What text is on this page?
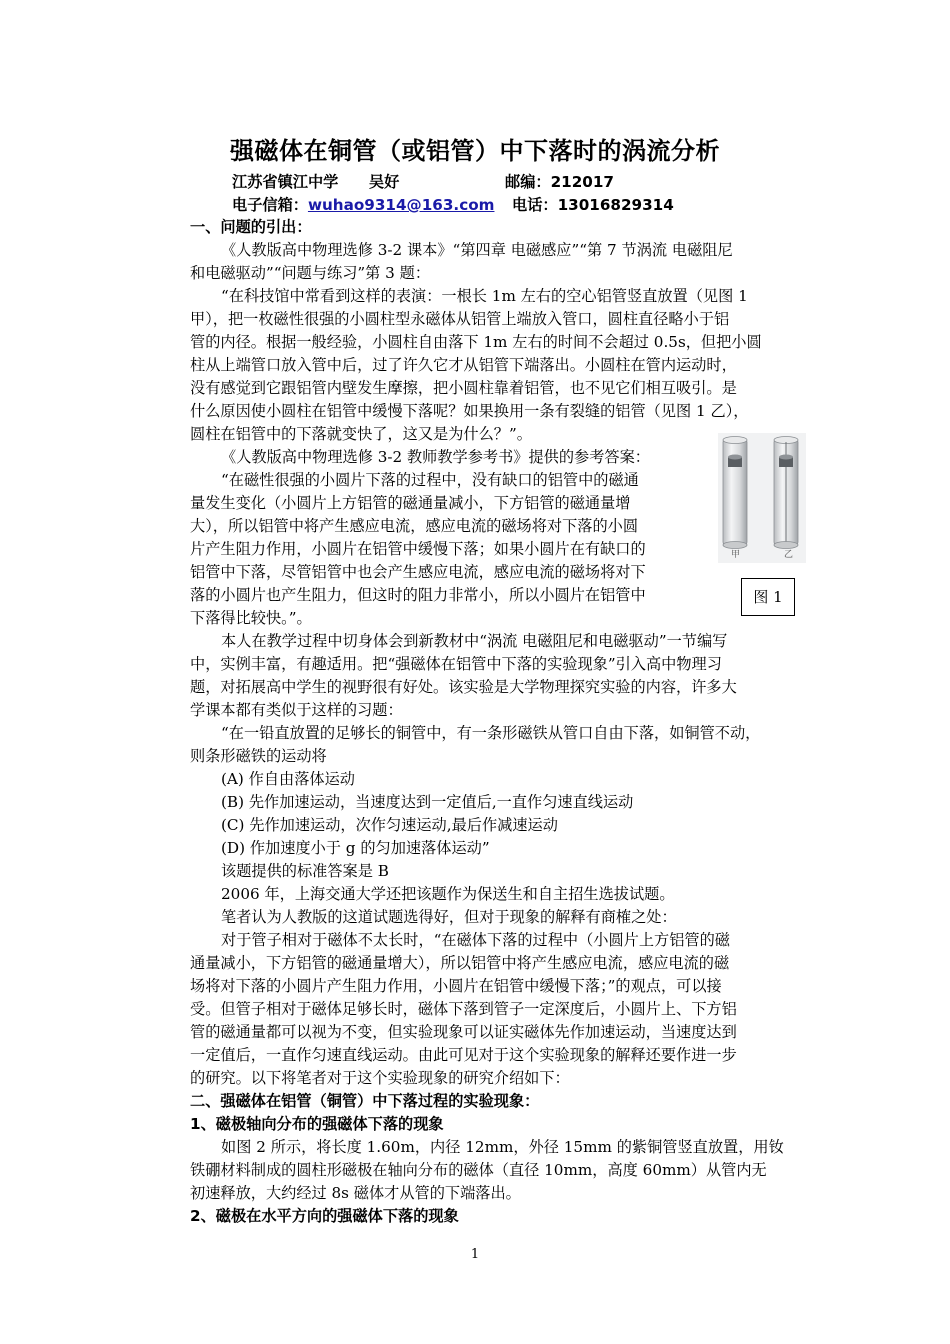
强磁体在铜管（或铝管）中下落时的涡流分析
江苏省镇江中学 吴好	邮编：212017
电子信箱：wuhao9314@163.com 电话：13016829314
一、问题的引出：
《人教版高中物理选修 3-2 课本》“第四章 电磁感应”“第 7 节涡流 电磁阻尼
和电磁驱动”“问题与练习”第 3 题：
“在科技馆中常看到这样的表演：一根长 1m 左右的空心铝管竖直放置（见图 1
甲），把一枚磁性很强的小圆柱型永磁体从铝管上端放入管口，圆柱直径略小于铝
管的内径。根据一般经验，小圆柱自由落下 1m 左右的时间不会超过 0.5s，但把小圆
柱从上端管口放入管中后，过了许久它才从铝管下端落出。小圆柱在管内运动时，
没有感觉到它跟铝管内壁发生摩擦，把小圆柱靠着铝管，也不见它们相互吸引。是
什么原因使小圆柱在铝管中缓慢下落呢？如果换用一条有裂缝的铝管（见图 1 乙），
圆柱在铝管中的下落就变快了，这又是为什么？”。
《人教版高中物理选修 3-2 教师教学参考书》提供的参考答案：
“在磁性很强的小圆片下落的过程中，没有缺口的铝管中的磁通
量发生变化（小圆片上方铝管的磁通量减小，下方铝管的磁通量增
大），所以铝管中将产生感应电流，感应电流的磁场将对下落的小圆
片产生阻力作用，小圆片在铝管中缓慢下落；如果小圆片在有缺口的
铝管中下落，尽管铝管中也会产生感应电流，感应电流的磁场将对下
落的小圆片也产生阻力，但这时的阻力非常小，所以小圆片在铝管中
下落得比较快。”。
本人在教学过程中切身体会到新教材中“涡流 电磁阻尼和电磁驱动”一节编写
中，实例丰富，有趣适用。把“强磁体在铝管中下落的实验现象”引入高中物理习
题，对拓展高中学生的视野很有好处。该实验是大学物理探究实验的内容，许多大
学课本都有类似于这样的习题：
“在一铅直放置的足够长的铜管中，有一条形磁铁从管口自由下落，如铜管不动，
则条形磁铁的运动将
(A) 作自由落体运动
(B) 先作加速运动，当速度达到一定值后,一直作匀速直线运动
(C) 先作加速运动，次作匀速运动,最后作减速运动
(D) 作加速度小于 g 的匀加速落体运动”
该题提供的标准答案是 B
2006 年，上海交通大学还把该题作为保送生和自主招生选拔试题。
笔者认为人教版的这道试题选得好，但对于现象的解释有商榷之处：
对于管子相对于磁体不太长时，“在磁体下落的过程中（小圆片上方铝管的磁
通量减小，下方铝管的磁通量增大），所以铝管中将产生感应电流，感应电流的磁
场将对下落的小圆片产生阻力作用，小圆片在铝管中缓慢下落；”的观点，可以接
受。但管子相对于磁体足够长时，磁体下落到管子一定深度后，小圆片上、下方铝
管的磁通量都可以视为不变，但实验现象可以证实磁体先作加速运动，当速度达到
一定值后，一直作匀速直线运动。由此可见对于这个实验现象的解释还要作进一步
的研究。以下将笔者对于这个实验现象的研究介绍如下：
二、强磁体在铝管（铜管）中下落过程的实验现象：
1、磁极轴向分布的强磁体下落的现象
如图 2 所示，将长度 1.60m，内径 12mm，外径 15mm 的紫铜管竖直放置，用钕
铁硼材料制成的圆柱形磁极在轴向分布的磁体（直径 10mm，高度 60mm）从管内无
初速释放，大约经过 8s 磁体才从管的下端落出。
2、磁极在水平方向的强磁体下落的现象
甲	乙
图 1
1
